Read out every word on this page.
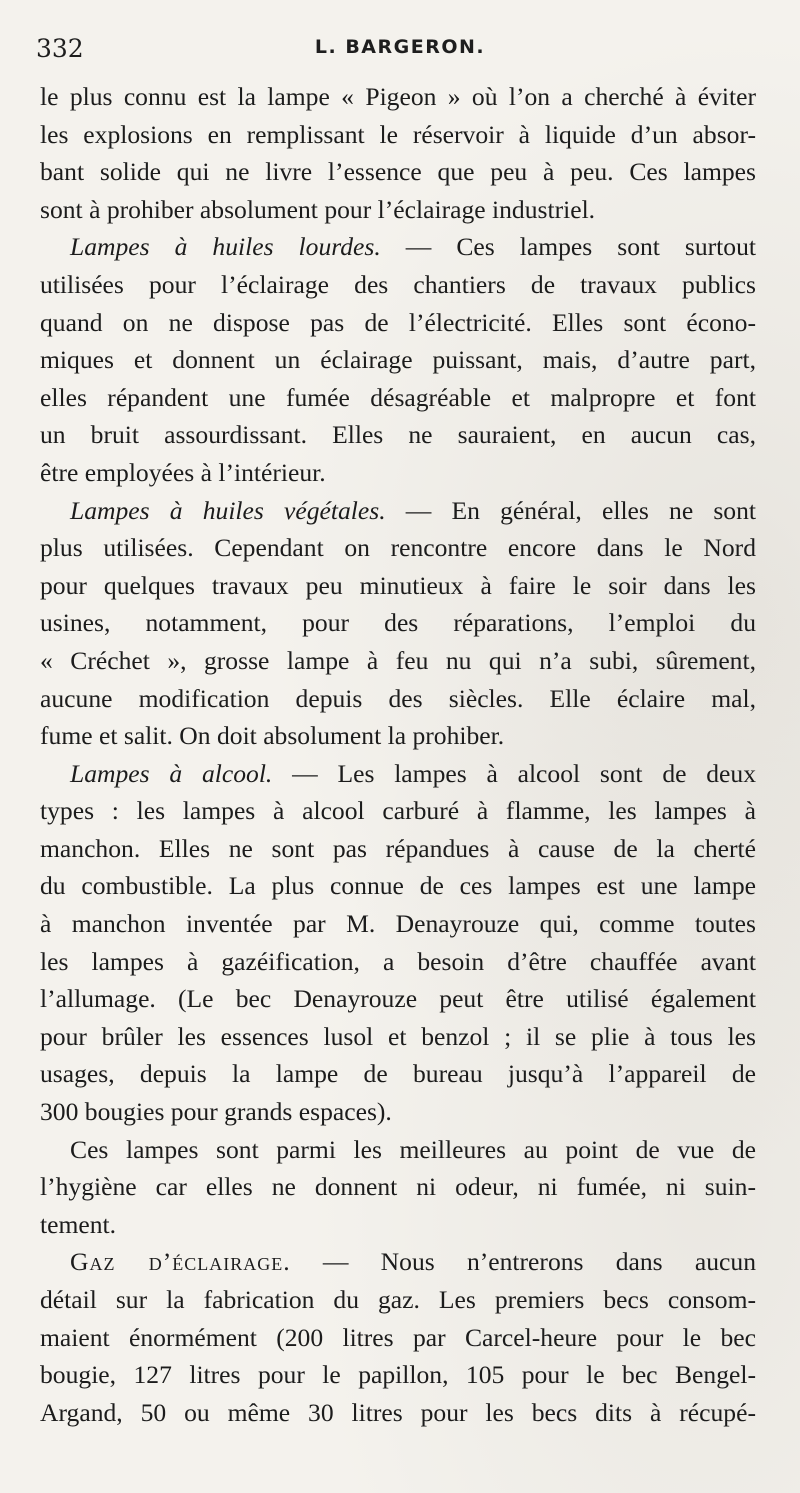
332	L. BARGERON.
le plus connu est la lampe « Pigeon » où l’on a cherché à éviter
les explosions en remplissant le réservoir à liquide d’un absor-
bant solide qui ne livre l’essence que peu à peu. Ces lampes
sont à prohiber absolument pour l’éclairage industriel.
Lampes à huiles lourdes. — Ces lampes sont surtout
utilisées pour l’éclairage des chantiers de travaux publics
quand on ne dispose pas de l’électricité. Elles sont écono-
miques et donnent un éclairage puissant, mais, d’autre part,
elles répandent une fumée désagréable et malpropre et font
un bruit assourdissant. Elles ne sauraient, en aucun cas,
être employées à l’intérieur.
Lampes à huiles végétales. — En général, elles ne sont
plus utilisées. Cependant on rencontre encore dans le Nord
pour quelques travaux peu minutieux à faire le soir dans les
usines, notamment, pour des réparations, l’emploi du
« Créchet », grosse lampe à feu nu qui n’a subi, sûrement,
aucune modification depuis des siècles. Elle éclaire mal,
fume et salit. On doit absolument la prohiber.
Lampes à alcool. — Les lampes à alcool sont de deux
types : les lampes à alcool carburé à flamme, les lampes à
manchon. Elles ne sont pas répandues à cause de la cherté
du combustible. La plus connue de ces lampes est une lampe
à manchon inventée par M. Denayrouze qui, comme toutes
les lampes à gazéification, a besoin d’être chauffée avant
l’allumage. (Le bec Denayrouze peut être utilisé également
pour brûler les essences lusol et benzol ; il se plie à tous les
usages, depuis la lampe de bureau jusqu’à l’appareil de
300 bougies pour grands espaces).
Ces lampes sont parmi les meilleures au point de vue de
l’hygiène car elles ne donnent ni odeur, ni fumée, ni suin-
tement.
Gaz d’éclairage. — Nous n’entrerons dans aucun
détail sur la fabrication du gaz. Les premiers becs consom-
maient énormément (200 litres par Carcel-heure pour le bec
bougie, 127 litres pour le papillon, 105 pour le bec Bengel-
Argand, 50 ou même 30 litres pour les becs dits à récupé-
